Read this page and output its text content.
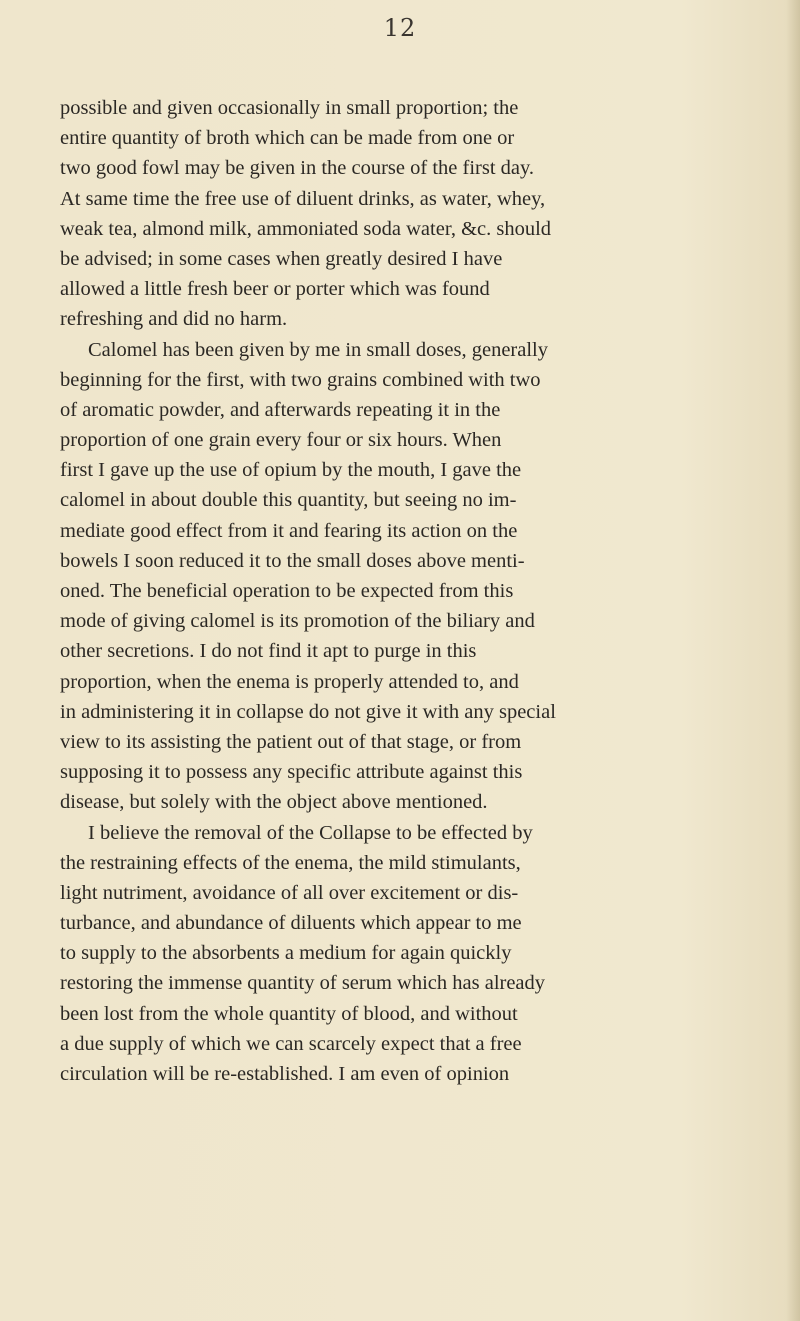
12
possible and given occasionally in small proportion; the
entire quantity of broth which can be made from one or
two good fowl may be given in the course of the first day.
At same time the free use of diluent drinks, as water, whey,
weak tea, almond milk, ammoniated soda water, &c. should
be advised; in some cases when greatly desired I have
allowed a little fresh beer or porter which was found
refreshing and did no harm.
Calomel has been given by me in small doses, generally
beginning for the first, with two grains combined with two
of aromatic powder, and afterwards repeating it in the
proportion of one grain every four or six hours. When
first I gave up the use of opium by the mouth, I gave the
calomel in about double this quantity, but seeing no im-
mediate good effect from it and fearing its action on the
bowels I soon reduced it to the small doses above menti-
oned. The beneficial operation to be expected from this
mode of giving calomel is its promotion of the biliary and
other secretions. I do not find it apt to purge in this
proportion, when the enema is properly attended to, and
in administering it in collapse do not give it with any special
view to its assisting the patient out of that stage, or from
supposing it to possess any specific attribute against this
disease, but solely with the object above mentioned.
I believe the removal of the Collapse to be effected by
the restraining effects of the enema, the mild stimulants,
light nutriment, avoidance of all over excitement or dis-
turbance, and abundance of diluents which appear to me
to supply to the absorbents a medium for again quickly
restoring the immense quantity of serum which has already
been lost from the whole quantity of blood, and without
a due supply of which we can scarcely expect that a free
circulation will be re-established. I am even of opinion
